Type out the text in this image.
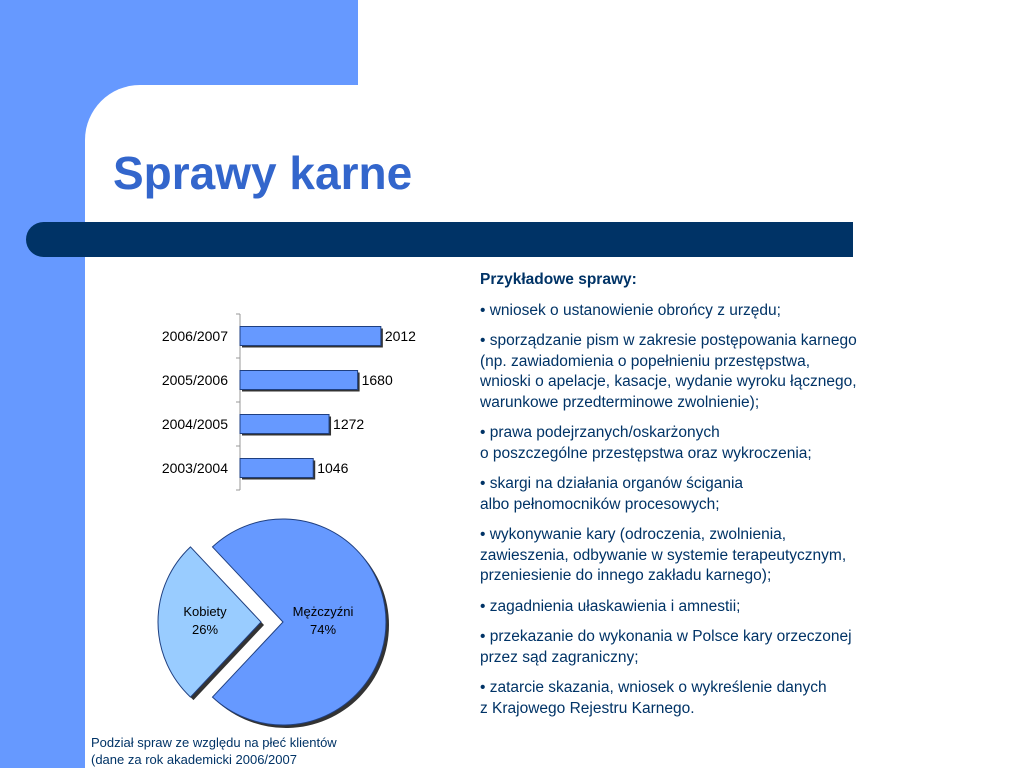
Sprawy karne
2006/2007	2012
2005/2006	1680
2004/2005	1272
2003/2004	1046
Mężczyźni
74%
Kobiety
26%
Podział spraw ze względu na płeć klientów
(dane za rok akademicki 2006/2007
Przykładowe sprawy:
• wniosek o ustanowienie obrońcy z urzędu;
• sporządzanie pism w zakresie postępowania karnego
(np. zawiadomienia o popełnieniu przestępstwa,
wnioski o apelacje, kasacje, wydanie wyroku łącznego,
warunkowe przedterminowe zwolnienie);
• prawa podejrzanych/oskarżonych
o poszczególne przestępstwa oraz wykroczenia;
• skargi na działania organów ścigania
albo pełnomocników procesowych;
• wykonywanie kary (odroczenia, zwolnienia,
zawieszenia, odbywanie w systemie terapeutycznym,
przeniesienie do innego zakładu karnego);
• zagadnienia ułaskawienia i amnestii;
• przekazanie do wykonania w Polsce kary orzeczonej
przez sąd zagraniczny;
• zatarcie skazania, wniosek o wykreślenie danych
z Krajowego Rejestru Karnego.
